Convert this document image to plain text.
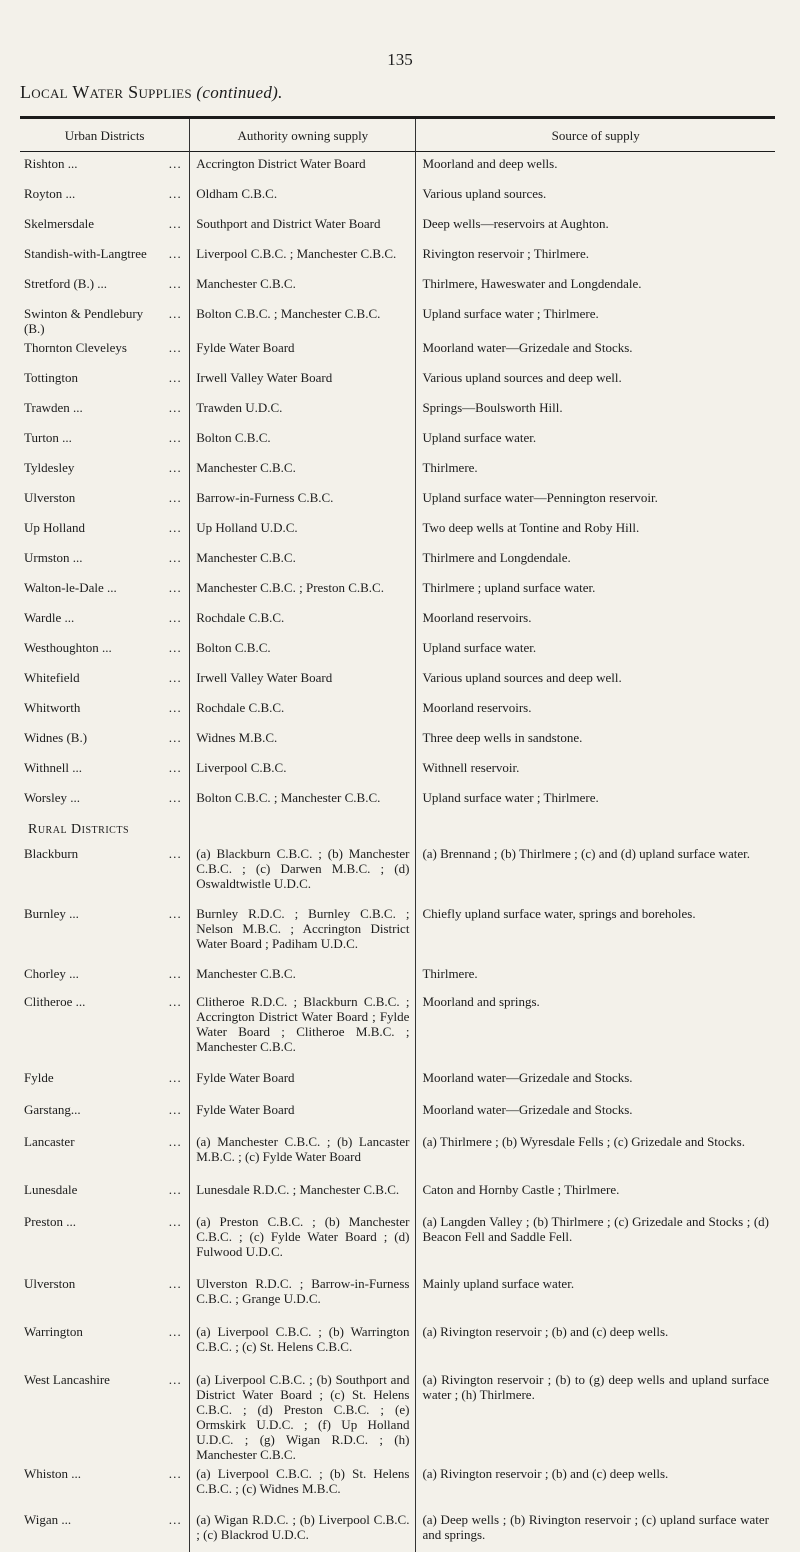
135
Local Water Supplies (continued).
Urban Districts	Authority owning supply	Source of supply

Rishton ... …	Accrington District Water Board	Moorland and deep wells.

Royton ... …	Oldham C.B.C.	Various upland sources.

Skelmersdale …	Southport and District Water Board	Deep wells—reservoirs at Aughton.

Standish-with-Langtree …	Liverpool C.B.C. ; Manchester C.B.C.	Rivington reservoir ; Thirlmere.

Stretford (B.) ... …	Manchester C.B.C.	Thirlmere, Haweswater and Longdendale.

Swinton & Pendlebury (B.)
…	Bolton C.B.C. ; Manchester C.B.C.	Upland surface water ; Thirlmere.

Thornton Cleveleys …	Fylde Water Board	Moorland water—Grizedale and Stocks.

Tottington …	Irwell Valley Water Board	Various upland sources and deep well.

Trawden ... …	Trawden U.D.C.	Springs—Boulsworth Hill.

Turton ... …	Bolton C.B.C.	Upland surface water.

Tyldesley …	Manchester C.B.C.	Thirlmere.

Ulverston …	Barrow-in-Furness C.B.C.	Upland surface water—Pennington reservoir.

Up Holland …	Up Holland U.D.C.	Two deep wells at Tontine and Roby Hill.

Urmston ... …	Manchester C.B.C.	Thirlmere and Longdendale.

Walton-le-Dale ... …	Manchester C.B.C. ; Preston C.B.C.	Thirlmere ; upland surface water.

Wardle ... …	Rochdale C.B.C.	Moorland reservoirs.

Westhoughton ... …	Bolton C.B.C.	Upland surface water.

Whitefield …	Irwell Valley Water Board	Various upland sources and deep well.

Whitworth …	Rochdale C.B.C.	Moorland reservoirs.

Widnes (B.) …	Widnes M.B.C.	Three deep wells in sandstone.

Withnell ... …	Liverpool C.B.C.	Withnell reservoir.

Worsley ... …	Bolton C.B.C. ; Manchester C.B.C.	Upland surface water ; Thirlmere.
Rural Districts		

Blackburn …	(a) Blackburn C.B.C. ; (b) Manchester C.B.C. ; (c) Darwen M.B.C. ; (d) Oswaldtwistle U.D.C.	(a) Brennand ; (b) Thirlmere ; (c) and (d) upland surface water.

Burnley ... …	Burnley R.D.C. ; Burnley C.B.C. ; Nelson M.B.C. ; Accrington District Water Board ; Padiham U.D.C.	Chiefly upland surface water, springs and boreholes.

Chorley ... …	Manchester C.B.C.	Thirlmere.

Clitheroe ... …	Clitheroe R.D.C. ; Blackburn C.B.C. ; Accrington District Water Board ; Fylde Water Board ; Clitheroe M.B.C. ; Manchester C.B.C.	Moorland and springs.

Fylde …	Fylde Water Board	Moorland water—Grizedale and Stocks.

Garstang... …	Fylde Water Board	Moorland water—Grizedale and Stocks.

Lancaster …	(a) Manchester C.B.C. ; (b) Lancaster M.B.C. ; (c) Fylde Water Board	(a) Thirlmere ; (b) Wyresdale Fells ; (c) Grizedale and Stocks.

Lunesdale …	Lunesdale R.D.C. ; Manchester C.B.C.	Caton and Hornby Castle ; Thirlmere.

Preston ... …	(a) Preston C.B.C. ; (b) Manchester C.B.C. ; (c) Fylde Water Board ; (d) Fulwood U.D.C.	(a) Langden Valley ; (b) Thirlmere ; (c) Grizedale and Stocks ; (d) Beacon Fell and Saddle Fell.

Ulverston …	Ulverston R.D.C. ; Barrow-in-Furness C.B.C. ; Grange U.D.C.	Mainly upland surface water.

Warrington …	(a) Liverpool C.B.C. ; (b) Warrington C.B.C. ; (c) St. Helens C.B.C.	(a) Rivington reservoir ; (b) and (c) deep wells.

West Lancashire …	(a) Liverpool C.B.C. ; (b) Southport and District Water Board ; (c) St. Helens C.B.C. ; (d) Preston C.B.C. ; (e) Ormskirk U.D.C. ; (f) Up Holland U.D.C. ; (g) Wigan R.D.C. ; (h) Manchester C.B.C.	(a) Rivington reservoir ; (b) to (g) deep wells and upland surface water ; (h) Thirlmere.

Whiston ... …	(a) Liverpool C.B.C. ; (b) St. Helens C.B.C. ; (c) Widnes M.B.C.	(a) Rivington reservoir ; (b) and (c) deep wells.

Wigan ... …	(a) Wigan R.D.C. ; (b) Liverpool C.B.C. ; (c) Blackrod U.D.C.	(a) Deep wells ; (b) Rivington reservoir ; (c) upland surface water and springs.
